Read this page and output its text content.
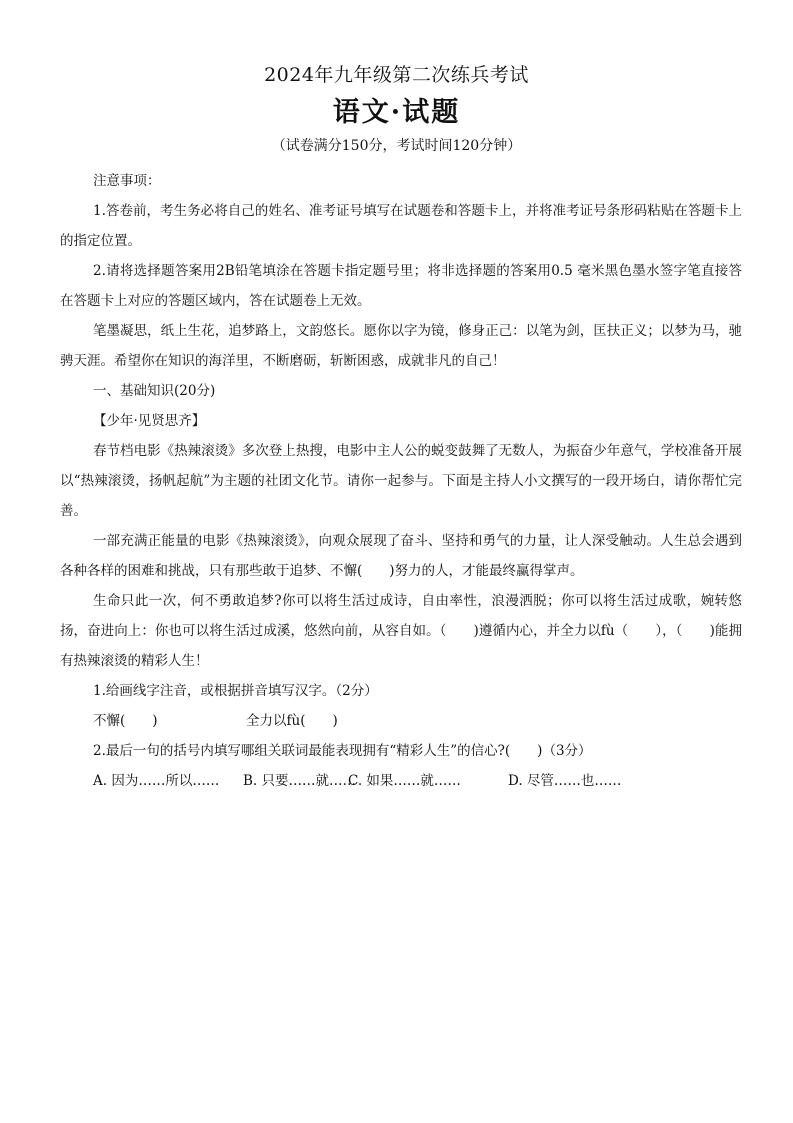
2024年九年级第二次练兵考试
语文·试题
（试卷满分150分，考试时间120分钟）

注意事项：

1.答卷前，考生务必将自己的姓名、准考证号填写在试题卷和答题卡上，并将准考证号条形码粘贴在答题卡上的指定位置。

2.请将选择题答案用2B铅笔填涂在答题卡指定题号里；将非选择题的答案用0.5 毫米黑色墨水签字笔直接答在答题卡上对应的答题区域内，答在试题卷上无效。

笔墨凝思，纸上生花，追梦路上，文韵悠长。愿你以字为镜，修身正己：以笔为剑，匡扶正义；以梦为马，驰骋天涯。希望你在知识的海洋里，不断磨砺，斩断困惑，成就非凡的自己！

一、基础知识(20分)

【少年·见贤思齐】

春节档电影《热辣滚烫》多次登上热搜，电影中主人公的蜕变鼓舞了无数人，为振奋少年意气，学校准备开展以“热辣滚烫，扬帆起航”为主题的社团文化节。请你一起参与。下面是主持人小文撰写的一段开场白，请你帮忙完善。

一部充满正能量的电影《热辣滚烫》，向观众展现了奋斗、坚持和勇气的力量，让人深受触动。人生总会遇到各种各样的困难和挑战，只有那些敢于追梦、不懈(　　)努力的人，才能最终赢得掌声。

生命只此一次，何不勇敢追梦?你可以将生活过成诗，自由率性，浪漫洒脱；你可以将生活过成歌，婉转悠扬，奋进向上：你也可以将生活过成溪，悠然向前，从容自如。（　　)遵循内心，并全力以fù（　　），（　　)能拥有热辣滚烫的精彩人生！

1.给画线字注音，或根据拼音填写汉字。（2分）

不懈(　　)	全力以fù(　　)

2.最后一句的括号内填写哪组关联词最能表现拥有“精彩人生”的信心?(　　)（3分）

A. 因为……所以…… B. 只要……就……C. 如果……就……	D. 尽管……也……
